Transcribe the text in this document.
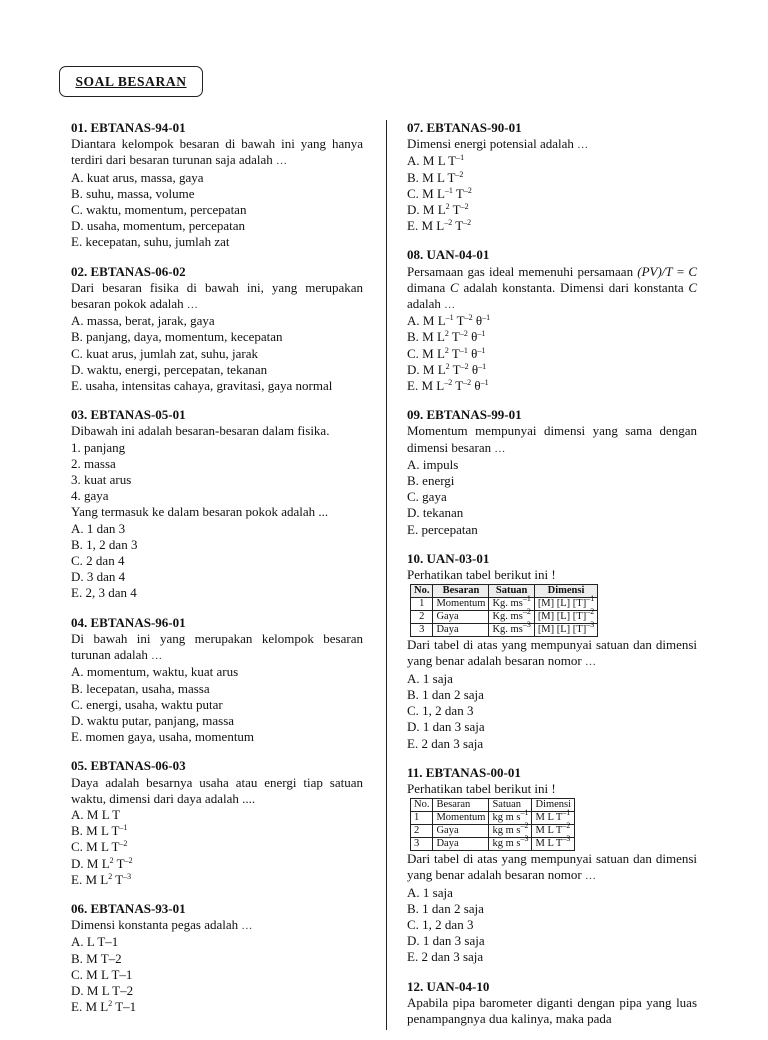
SOAL BESARAN
01. EBTANAS-94-01
Diantara kelompok besaran di bawah ini yang hanya terdiri dari besaran turunan saja adalah …
A. kuat arus, massa, gaya
B. suhu, massa, volume
C. waktu, momentum, percepatan
D. usaha, momentum, percepatan
E. kecepatan, suhu, jumlah zat
02. EBTANAS-06-02
Dari besaran fisika di bawah ini, yang merupakan besaran pokok adalah …
A. massa, berat, jarak, gaya
B. panjang, daya, momentum, kecepatan
C. kuat arus, jumlah zat, suhu, jarak
D. waktu, energi, percepatan, tekanan
E. usaha, intensitas cahaya, gravitasi, gaya normal
03. EBTANAS-05-01
Dibawah ini adalah besaran-besaran dalam fisika.
1. panjang
2. massa
3. kuat arus
4. gaya
Yang termasuk ke dalam besaran pokok adalah ...
A. 1 dan 3
B. 1, 2 dan 3
C. 2 dan 4
D. 3 dan 4
E. 2, 3 dan 4
04. EBTANAS-96-01
Di bawah ini yang merupakan kelompok besaran turunan adalah …
A. momentum, waktu, kuat arus
B. lecepatan, usaha, massa
C. energi, usaha, waktu putar
D. waktu putar, panjang, massa
E. momen gaya, usaha, momentum
05. EBTANAS-06-03
Daya adalah besarnya usaha atau energi tiap satuan waktu, dimensi dari daya adalah ....
A. M L T
B. M L $T^{-1}$
C. M L $T^{-2}$
D. M $L^2$ $T^{-2}$
E. M $L^2$ $T^{-3}$
06. EBTANAS-93-01
Dimensi konstanta pegas adalah …
A. L T–1
B. M T–2
C. M L T–1
D. M L T–2
E. M $L^2$ T–1
07. EBTANAS-90-01
Dimensi energi potensial adalah …
A. M L $T^{-1}$
B. M L $T^{-2}$
C. M $L^{-1}$ $T^{-2}$
D. M $L^2$ $T^{-2}$
E. M $L^{-2}$ $T^{-2}$
08. UAN-04-01
Persamaan gas ideal memenuhi persamaan (PV)/T = C dimana C adalah konstanta. Dimensi dari konstanta C adalah …
A. M $L^{-1}$ $T^{-2}$ $\theta^{-1}$
B. M $L^2$ $T^{-2}$ $\theta^{-1}$
C. M $L^2$ $T^{-1}$ $\theta^{-1}$
D. M $L^2$ $T^{-2}$ $\theta^{-1}$
E. M $L^{-2}$ $T^{-2}$ $\theta^{-1}$
09. EBTANAS-99-01
Momentum mempunyai dimensi yang sama dengan dimensi besaran …
A. impuls
B. energi
C. gaya
D. tekanan
E. percepatan
10. UAN-03-01
Perhatikan tabel berikut ini !
No.	Besaran	Satuan	Dimensi
1	Momentum	Kg. $ms^{-1}$	[M] [L] $[T]^{-1}$
2	Gaya	Kg. $ms^{-2}$	[M] [L] $[T]^{-2}$
3	Daya	Kg. $ms^{-3}$	[M] [L] $[T]^{-3}$
Dari tabel di atas yang mempunyai satuan dan dimensi yang benar adalah besaran nomor …
A. 1 saja
B. 1 dan 2 saja
C. 1, 2 dan 3
D. 1 dan 3 saja
E. 2 dan 3 saja
11. EBTANAS-00-01
Perhatikan tabel berikut ini !
No.	Besaran	Satuan	Dimensi
1	Momentum	kg m $s^{-1}$	M L $T^{-1}$
2	Gaya	kg m $s^{-2}$	M L $T^{-2}$
3	Daya	kg m $s^{-3}$	M L $T^{-3}$
Dari tabel di atas yang mempunyai satuan dan dimensi yang benar adalah besaran nomor …
A. 1 saja
B. 1 dan 2 saja
C. 1, 2 dan 3
D. 1 dan 3 saja
E. 2 dan 3 saja
12. UAN-04-10
Apabila pipa barometer diganti dengan pipa yang luas penampangnya dua kalinya, maka pada
